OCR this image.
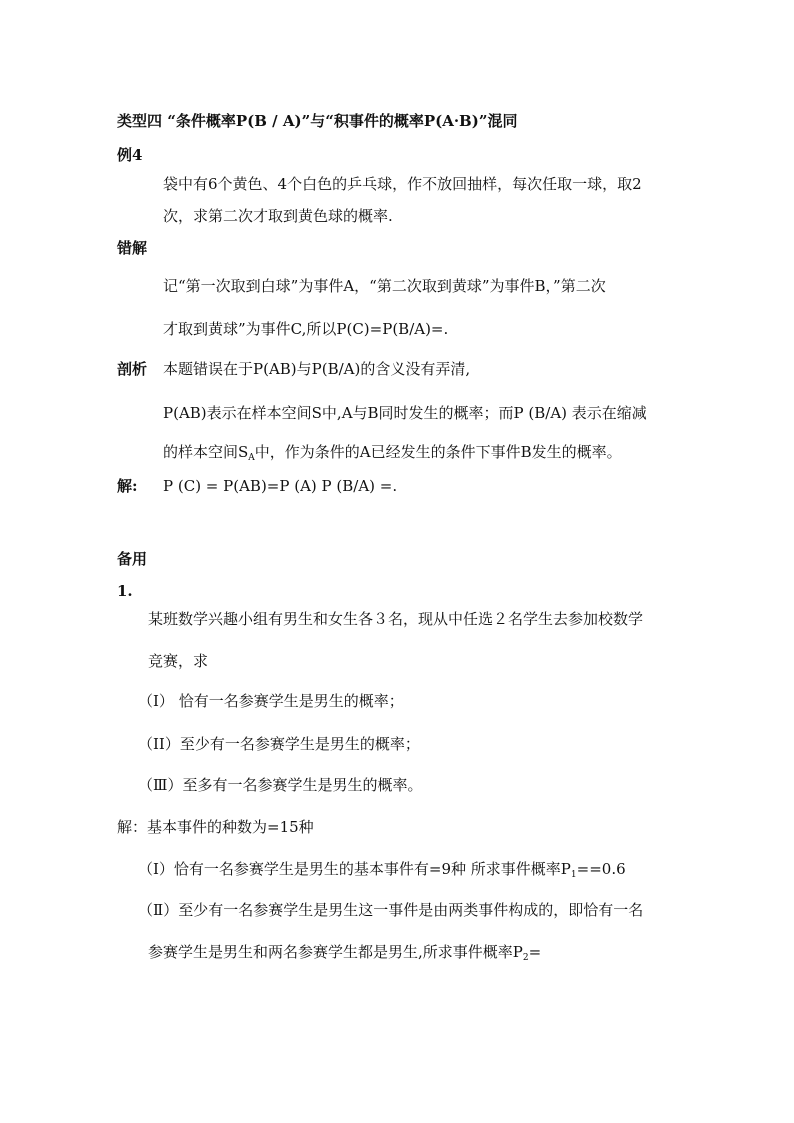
类型四 “条件概率P(B / A)”与“积事件的概率P(A·B)”混同
例4
袋中有6个黄色、4个白色的乒乓球，作不放回抽样，每次任取一球，取2
次，求第二次才取到黄色球的概率.
错解
记“第一次取到白球”为事件A，“第二次取到黄球”为事件B，”第二次
才取到黄球”为事件C,所以P(C)=P(B/A)=.
剖析 本题错误在于P(AB)与P(B/A)的含义没有弄清,
P(AB)表示在样本空间S中,A与B同时发生的概率；而P (B/A) 表示在缩减
的样本空间$S_A$中，作为条件的A已经发生的条件下事件B发生的概率。
解: P (C) = P(AB)=P (A) P (B/A) =.
备用
1.
某班数学兴趣小组有男生和女生各３名，现从中任选２名学生去参加校数学
竞赛，求
（I） 恰有一名参赛学生是男生的概率；
（II）至少有一名参赛学生是男生的概率；
（Ⅲ）至多有一名参赛学生是男生的概率。
解：基本事件的种数为=15种
（Ⅰ）恰有一名参赛学生是男生的基本事件有=9种 所求事件概率$P_1==0.6$
（Ⅱ）至少有一名参赛学生是男生这一事件是由两类事件构成的，即恰有一名
参赛学生是男生和两名参赛学生都是男生,所求事件概率$P_2=$
